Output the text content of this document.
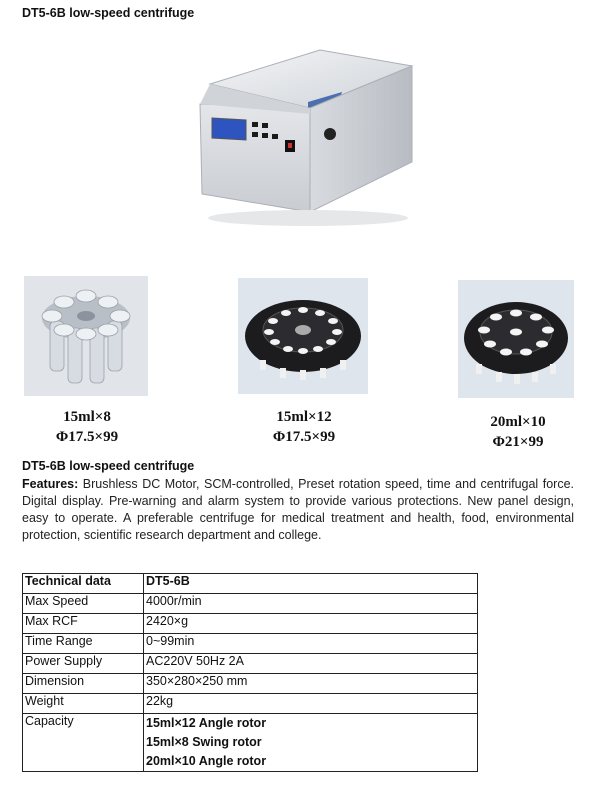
DT5-6B low-speed centrifuge
15ml×8
Φ17.5×99
15ml×12
Φ17.5×99
20ml×10
Φ21×99
DT5-6B low-speed centrifuge
Features: Brushless DC Motor, SCM-controlled, Preset rotation speed, time and centrifugal force. Digital display. Pre-warning and alarm system to provide various protections. New panel design, easy to operate. A preferable centrifuge for medical treatment and health, food, environmental protection, scientific research department and college.
Technical data	DT5-6B
Max Speed	4000r/min
Max RCF	2420×g
Time Range	0~99min
Power Supply	AC220V 50Hz 2A
Dimension	350×280×250 mm
Weight	22kg
Capacity	15ml×12 Angle rotor
15ml×8 Swing rotor
20ml×10 Angle rotor
